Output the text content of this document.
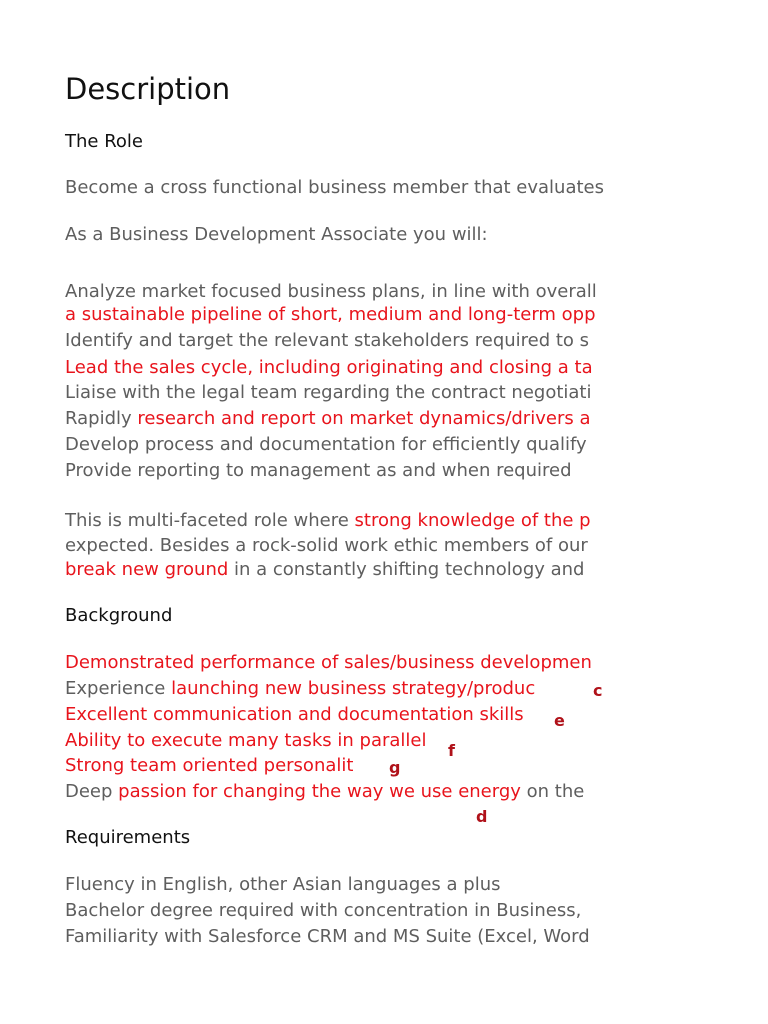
Description
The Role
Become a cross functional business member that evaluates
As a Business Development Associate you will:
Analyze market focused business plans, in line with overall
a sustainable pipeline of short, medium and long-term opp
Identify and target the relevant stakeholders required to s
Lead the sales cycle, including originating and closing a ta
Liaise with the legal team regarding the contract negotiati
Rapidly research and report on market dynamics/drivers a
Develop process and documentation for efficiently qualify
Provide reporting to management as and when required
This is multi-faceted role where strong knowledge of the p
expected. Besides a rock-solid work ethic members of our
break new ground in a constantly shifting technology and
Background
Demonstrated performance of sales/business developmen
Experience launching new business strategy/produc
Excellent communication and documentation skills
Ability to execute many tasks in parallel
Strong team oriented personalit
Deep passion for changing the way we use energy on the
c
e
f
g
d
Requirements
Fluency in English, other Asian languages a plus
Bachelor degree required with concentration in Business,
Familiarity with Salesforce CRM and MS Suite (Excel, Word
